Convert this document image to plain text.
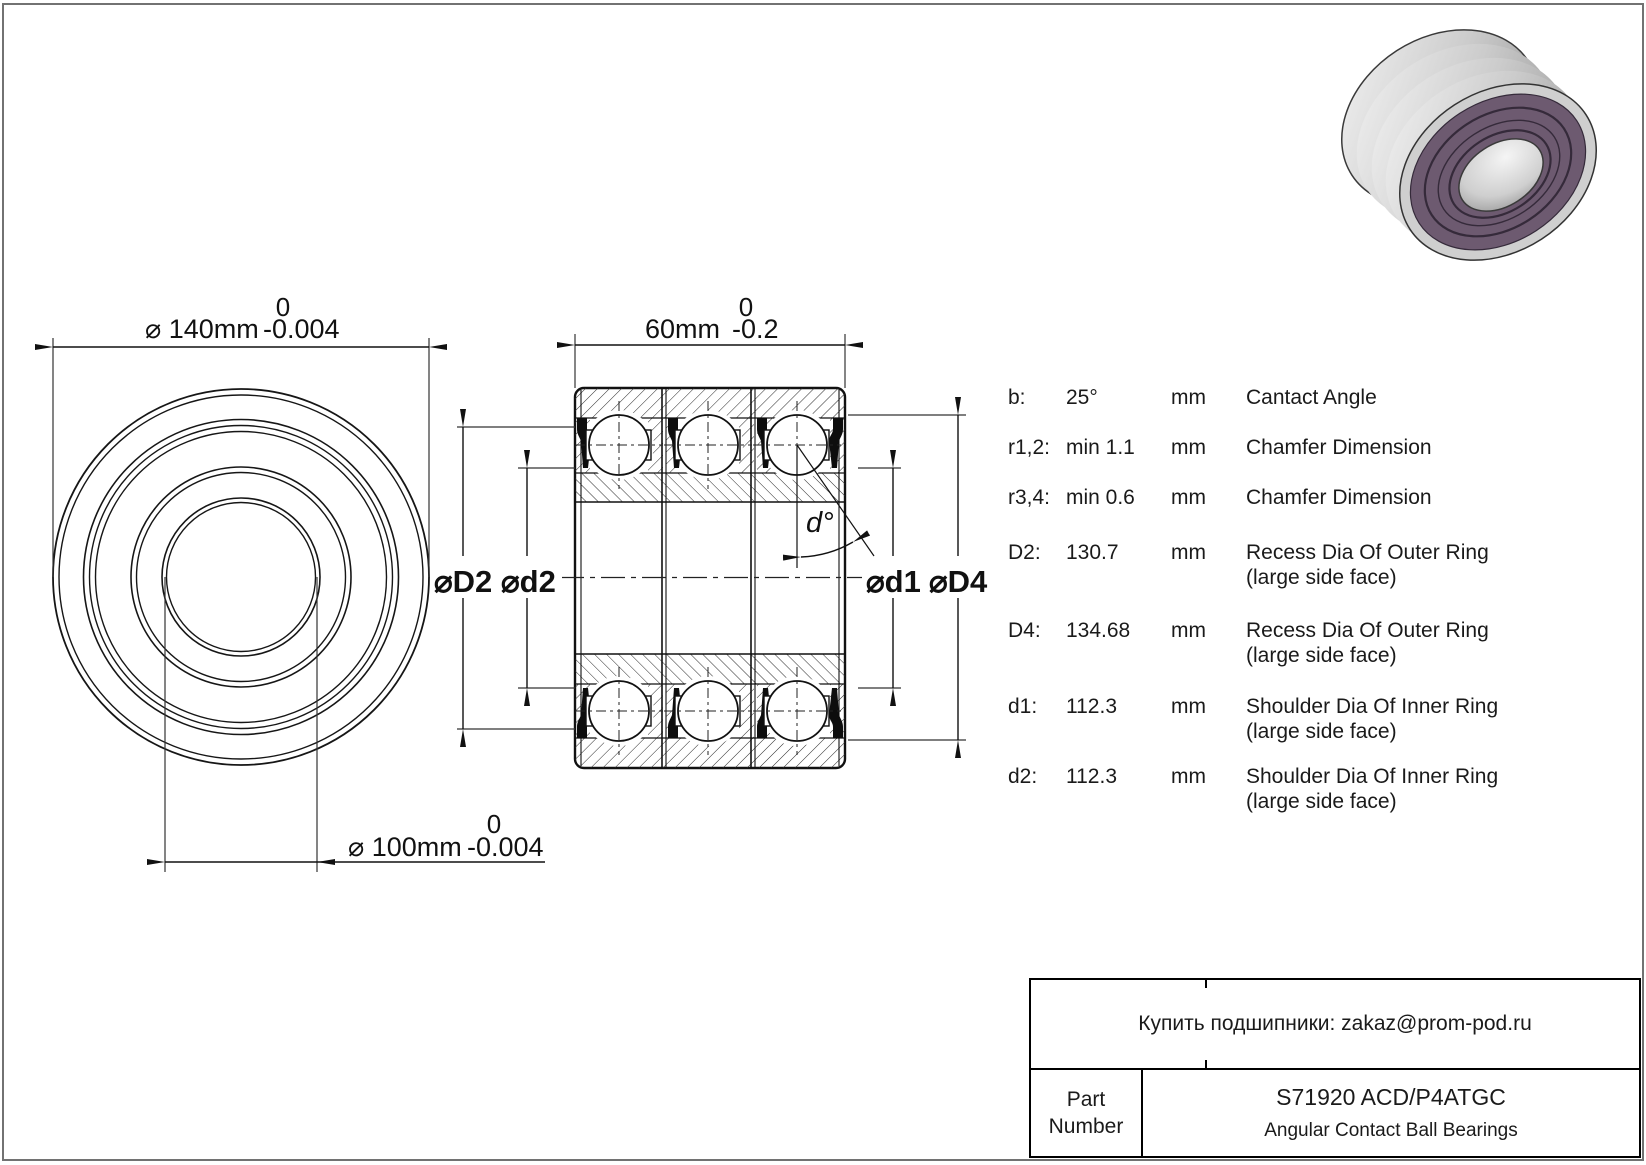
⌀ 140mm
0
-0.004
⌀ 100mm
0
-0.004
60mm
0
-0.2
⌀D2 ⌀d2	⌀d1 ⌀D4
d°
b: 25°	mm Cantact Angle
r1,2: min 1.1 mm Chamfer Dimension
r3,4: min 0.6 mm Chamfer Dimension
D2: 130.7 mm Recess Dia Of Outer Ring
(large side face)
D4: 134.68 mm Recess Dia Of Outer Ring
(large side face)
d1: 112.3	mm Shoulder Dia Of Inner Ring
(large side face)
d2: 112.3	mm Shoulder Dia Of Inner Ring
(large side face)
Купить подшипники: zakaz@prom-pod.ru
Part
Number
S71920 ACD/P4ATGC
Angular Contact Ball Bearings
